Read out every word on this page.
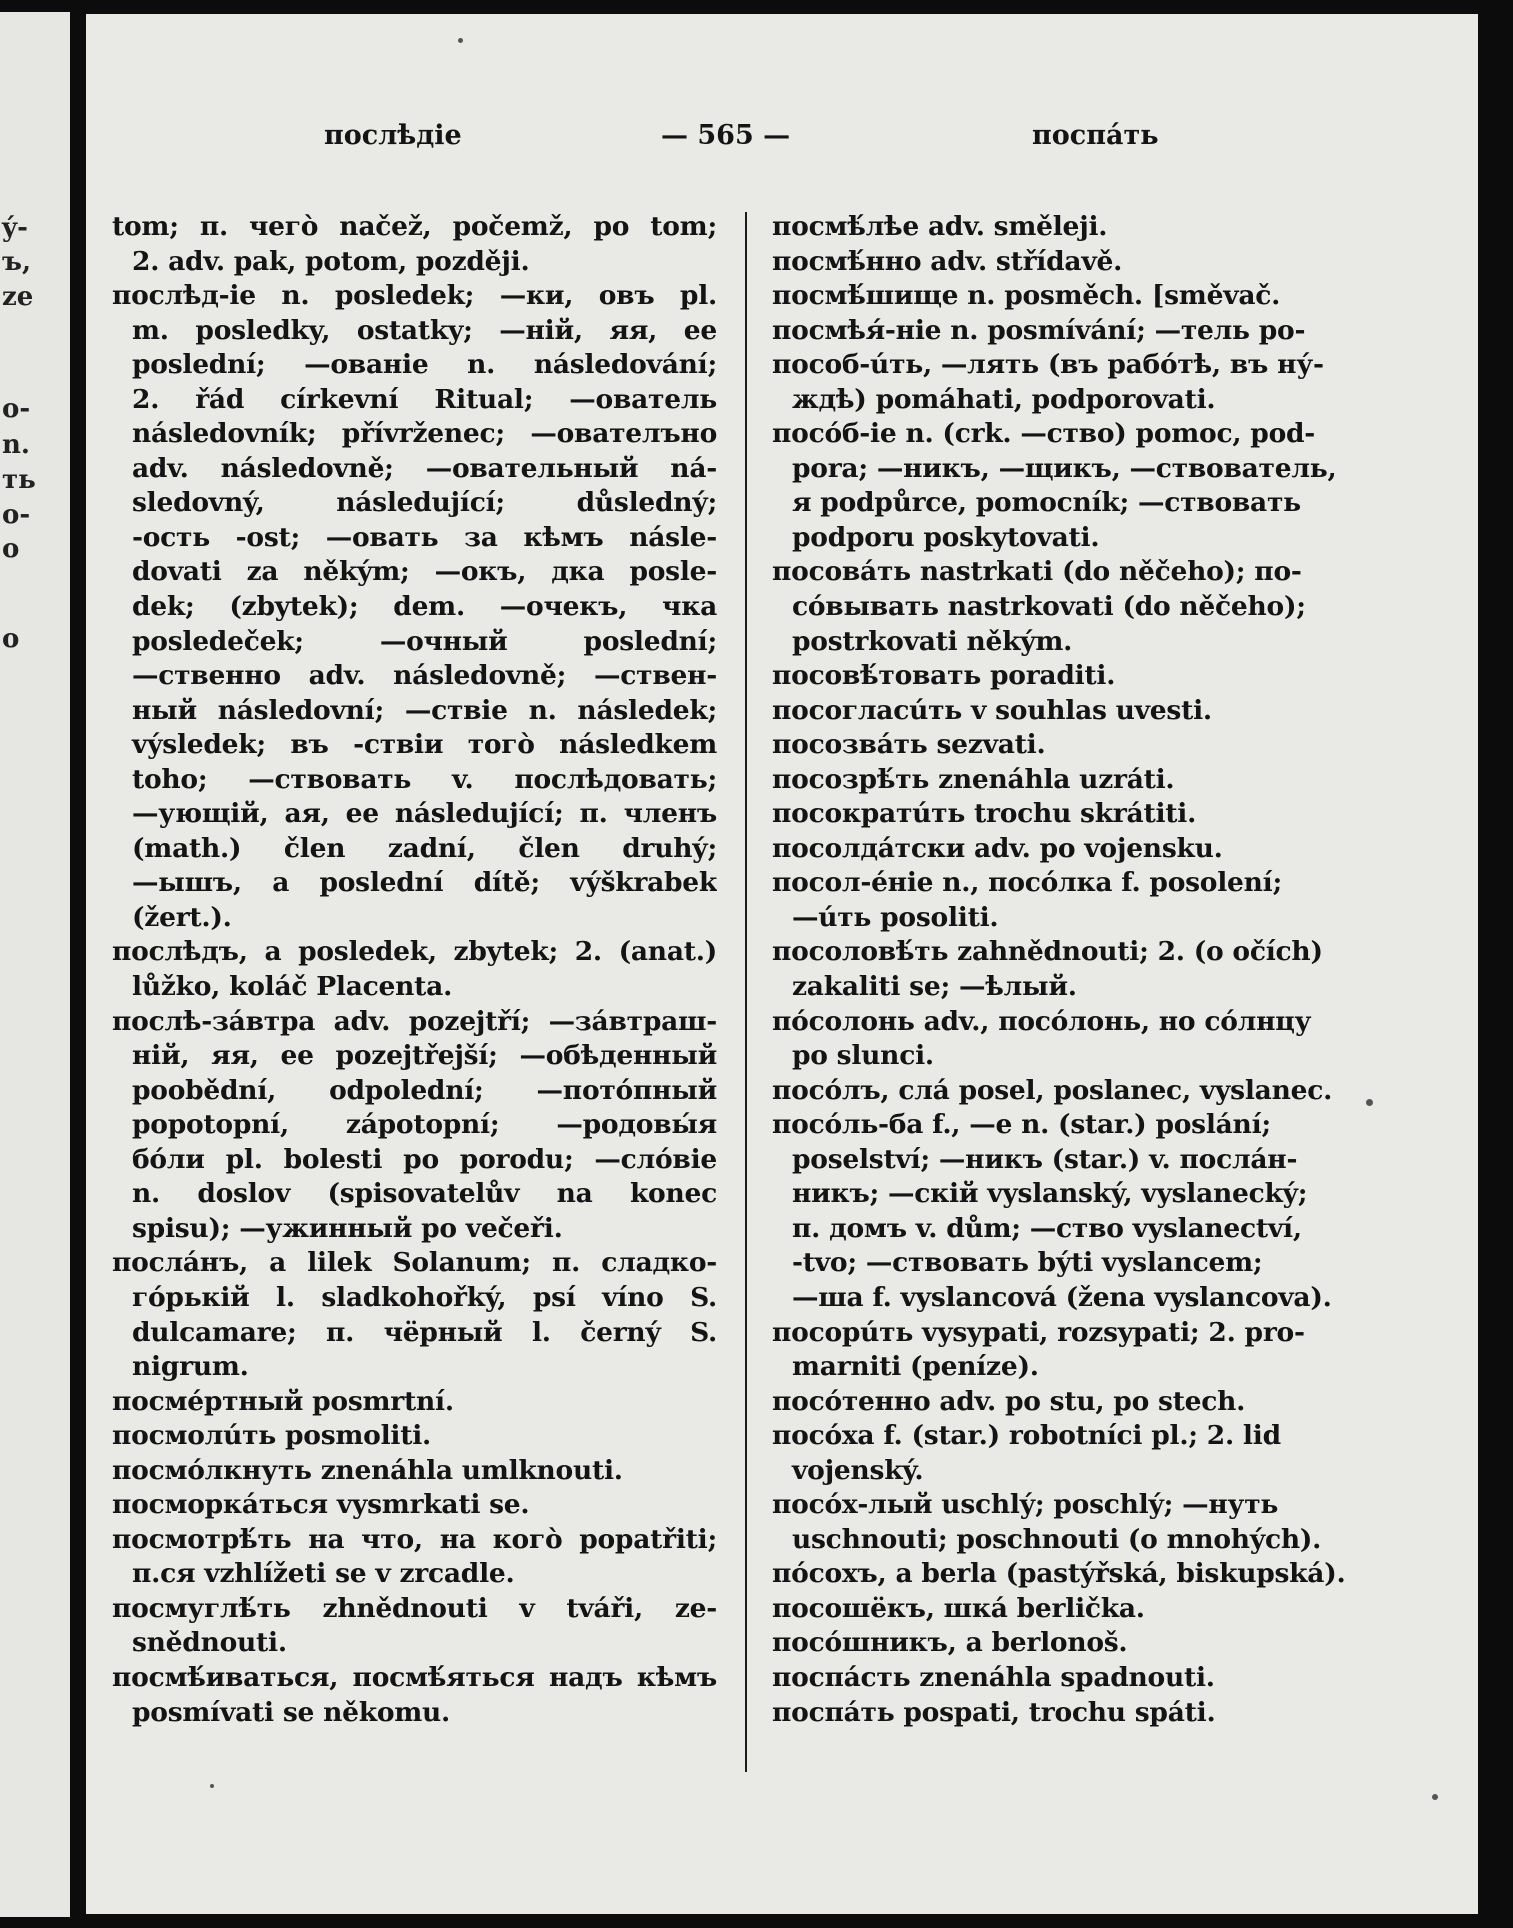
ý-
ъ,
ze
o-
n.
ть
o-
o
o
послѣдie	— 565 —	поспáть
tom; п. чего̀ načež, počemž, po tom;
2. adv. pak, potom, později.
послѣд-ie n. posledek; —ки, овъ pl.
m. posledky, ostatky; —нiй, яя, ee
poslední; —ованiе n. následování;
2. řád církevní Ritual; —ователь
následovník; přívrženec; —ователъно
adv. následovně; —овательный ná-
sledovný, následující; důsledný;
-ость -ost; —овать за кѣмъ násle-
dovati za někým; —окъ, дка posle-
dek; (zbytek); dem. —очекъ, чка
posledeček; —очный poslední;
—ственно adv. následovně; —ствен-
ный následovní; —ствie n. následek;
výsledek; въ -ствiи того̀ následkem
toho; —ствовать v. послѣдовать;
—ующiй, ая, ee následující; п. членъ
(math.) člen zadní, člen druhý;
—ышъ, a poslední dítě; výškrabek
(žert.).
послѣдъ, a posledek, zbytek; 2. (anat.)
lůžko, koláč Placenta.
послѣ-зáвтра adv. pozejtří; —зáвтраш-
нiй, яя, ee pozejtřejší; —обѣденный
poobědní, odpolední; —потóпный
popotopní, zápotopní; —родовы́я
бóли pl. bolesti po porodu; —слóвiе
n. doslov (spisovatelův na konec
spisu); —ужинный po večeři.
послáнъ, a lilek Solanum; п. сладко-
гóрькiй l. sladkohořký, psí víno S.
dulcamare; п. чёрный l. černý S.
nigrum.
посмéртный posmrtní.
посмолúть posmoliti.
посмóлкнуть znenáhla umlknouti.
посморкáться vysmrkati se.
посмотрѣ́ть на что, на кого̀ popatřiti;
п.ся vzhlížeti se v zrcadle.
посмуглѣ́ть zhnědnouti v tváři, ze-
snědnouti.
посмѣ́иваться, посмѣ́яться надъ кѣмъ
posmívati se někomu.
посмѣ́лѣе adv. směleji.
посмѣ́нно adv. střídavě.
посмѣ́шище n. posměch. [směvač.
посмѣя́-нie n. posmívání; —тель po-
пособ-úть, —лять (въ рабóтѣ, въ ну́-
ждѣ) pomáhati, podporovati.
посóб-ie n. (crk. —ство) pomoc, pod-
pora; —никъ, —щикъ, —ствоватeль,
я podpůrce, pomocník; —ствовать
podporu poskytovati.
посовáть nastrkati (do něčeho); по-
сóвывать nastrkovati (do něčeho);
postrkovati někým.
посовѣ́товать poraditi.
посогласúть v souhlas uvesti.
посозвáть sezvati.
посозрѣ́ть znenáhla uzráti.
посократúть trochu skrátiti.
посолдáтски adv. po vojensku.
посол-éнie n., посóлка f. posolení;
—úть posoliti.
посоловѣ́ть zahnědnouti; 2. (o očích)
zakaliti se; —ѣлый.
пóсолонь adv., посóлонь, но сóлнцу
po slunci.
посóлъ, слá posel, poslanec, vyslanec.
посóль-ба f., —е n. (star.) poslání;
poselství; —никъ (star.) v. послáн-
никъ; —скiй vyslanský, vyslanecký;
п. домъ v. dům; —ство vyslanectví,
-tvo; —ствовать býti vyslancem;
—ша f. vyslancová (žena vyslancova).
посорúть vysypati, rozsypati; 2. pro-
marniti (peníze).
посóтенно adv. po stu, po stech.
посóха f. (star.) robotníci pl.; 2. lid
vojenský.
посóх-лый uschlý; poschlý; —нуть
uschnouti; poschnouti (o mnohých).
пóсохъ, a berla (pastýřská, biskupská).
посошёкъ, шкá berlička.
посóшникъ, a berlonoš.
поспáсть znenáhla spadnouti.
поспáть pospati, trochu spáti.
